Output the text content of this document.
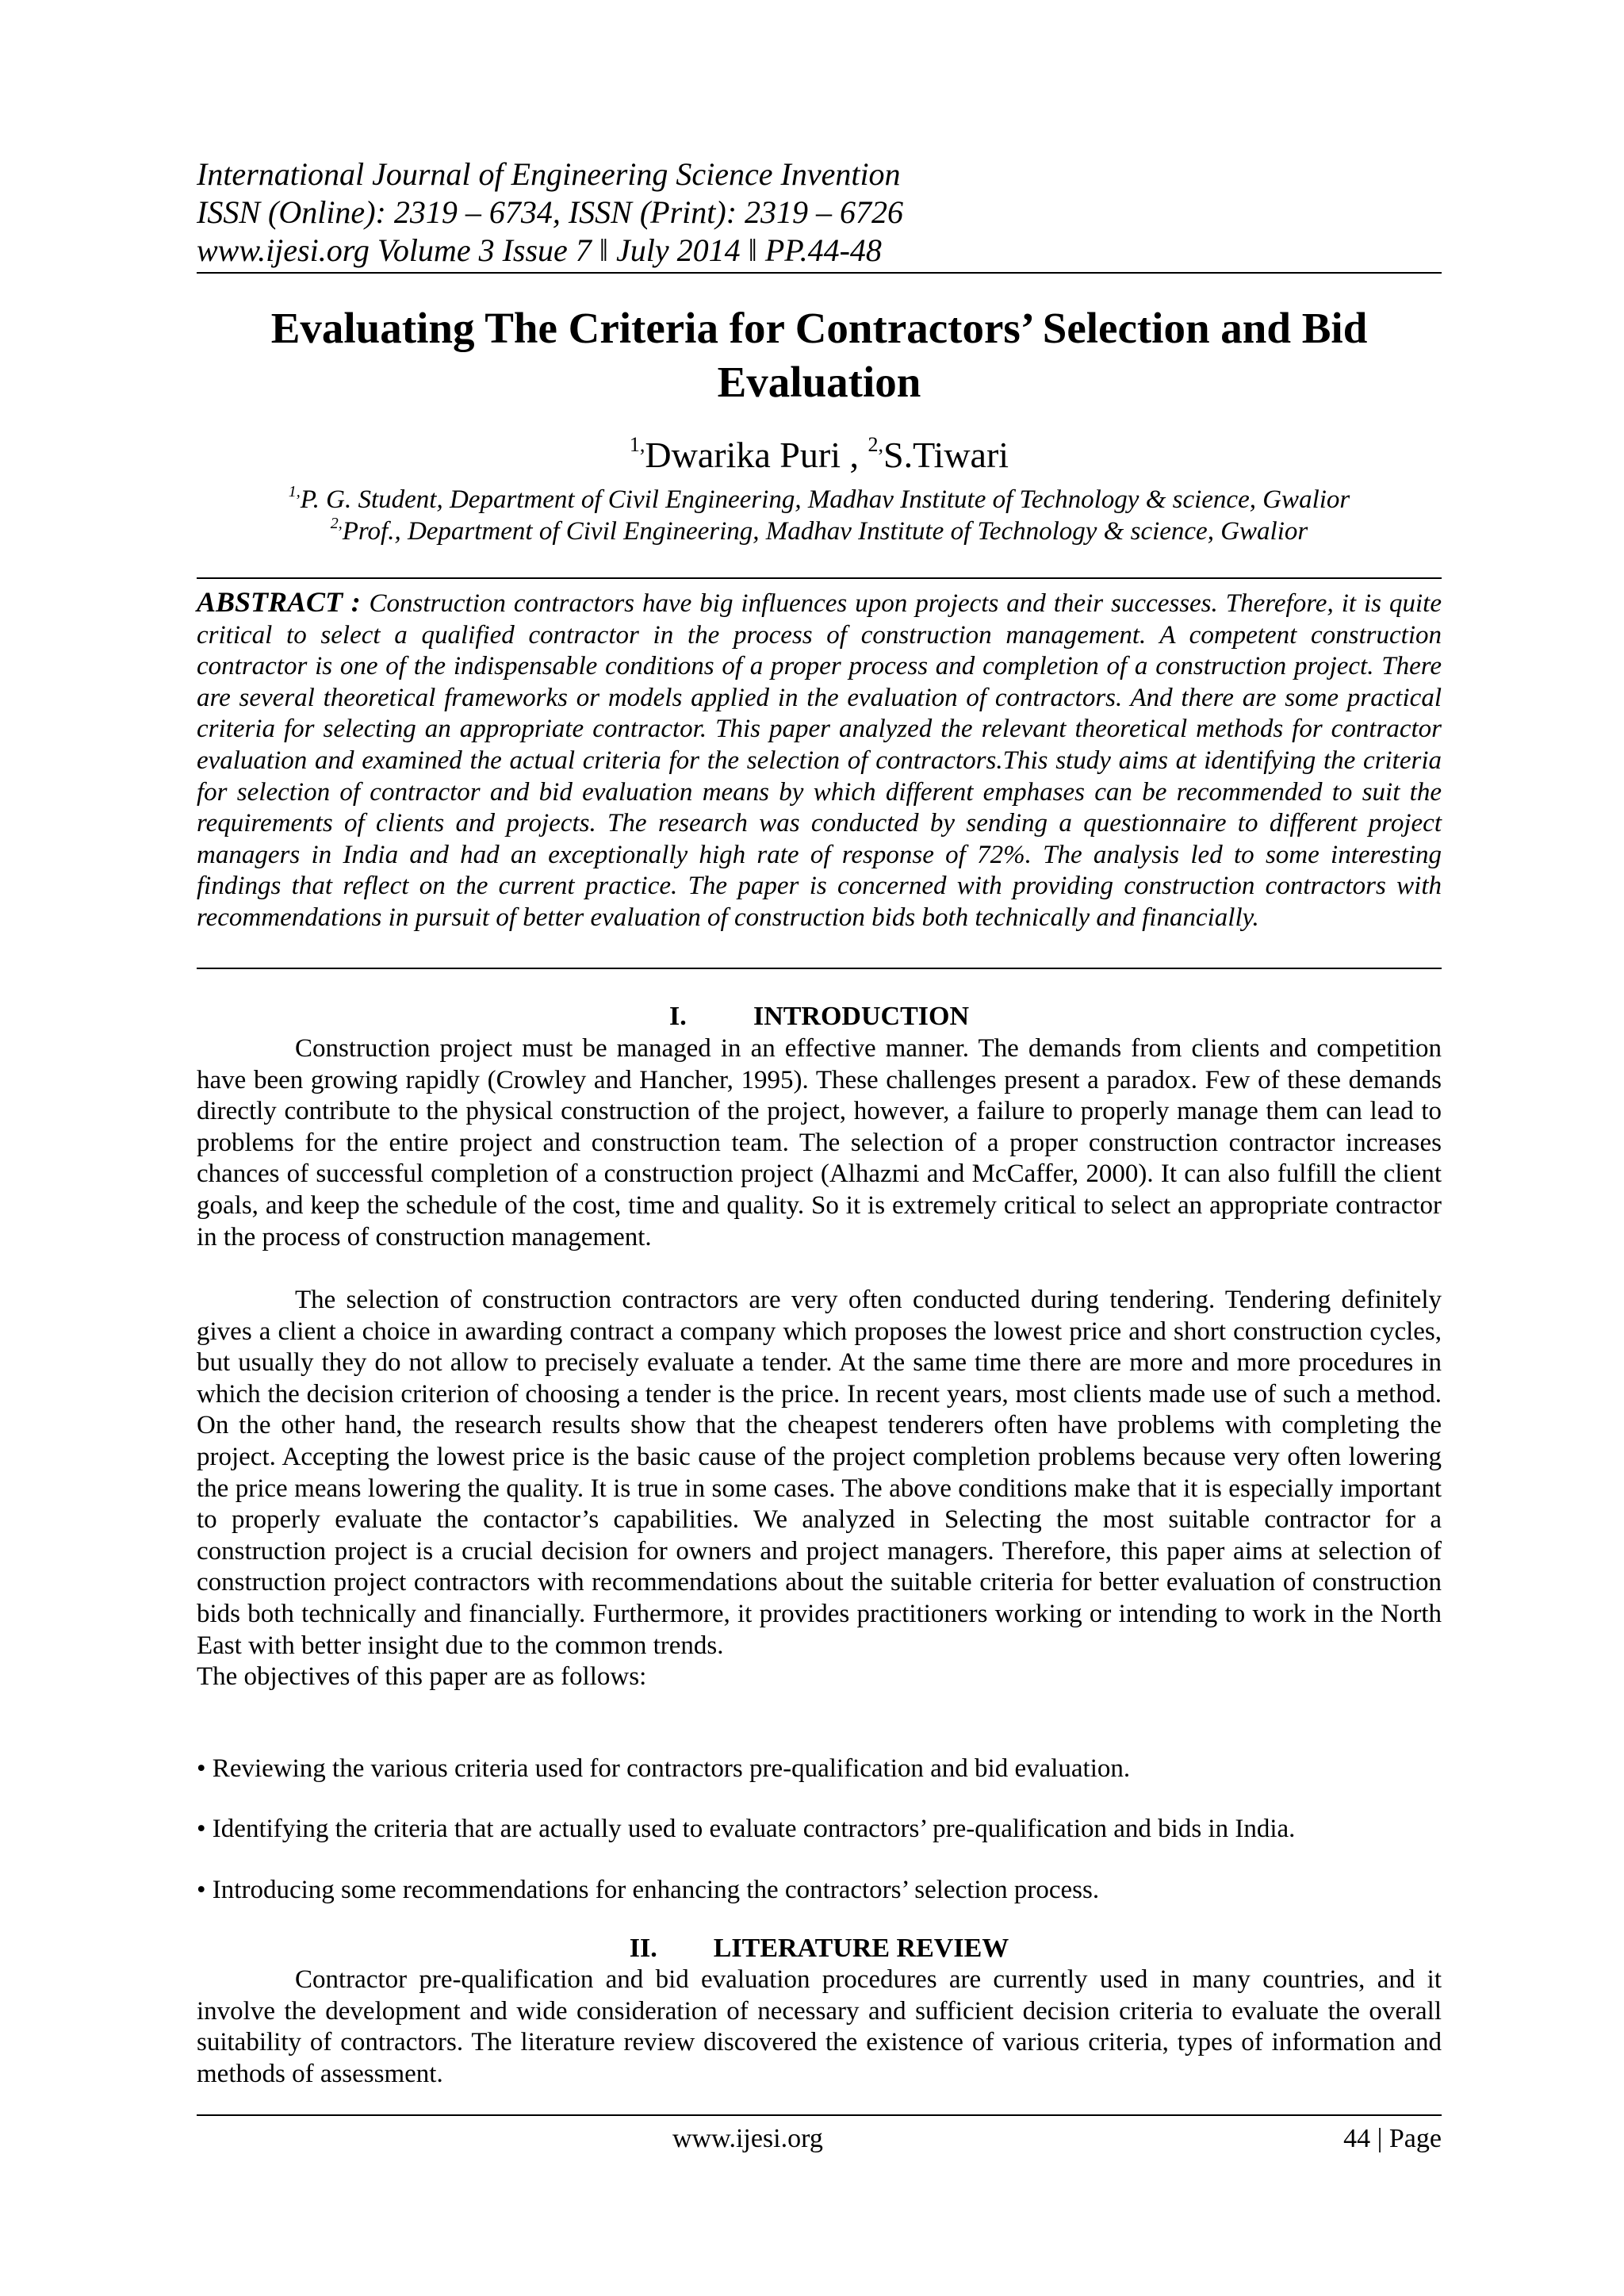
International Journal of Engineering Science Invention
ISSN (Online): 2319 – 6734, ISSN (Print): 2319 – 6726
www.ijesi.org Volume 3 Issue 7 ǁ July 2014 ǁ PP.44-48
Evaluating The Criteria for Contractors’ Selection and Bid
Evaluation
$^{1,}$Dwarika Puri , $^{2,}$S.Tiwari
$^{1,}$P. G. Student, Department of Civil Engineering, Madhav Institute of Technology & science, Gwalior
$^{2,}$Prof., Department of Civil Engineering, Madhav Institute of Technology & science, Gwalior
ABSTRACT : Construction contractors have big influences upon projects and their successes. Therefore, it is quite critical to select a qualified contractor in the process of construction management. A competent construction contractor is one of the indispensable conditions of a proper process and completion of a construction project. There are several theoretical frameworks or models applied in the evaluation of contractors. And there are some practical criteria for selecting an appropriate contractor. This paper analyzed the relevant theoretical methods for contractor evaluation and examined the actual criteria for the selection of contractors.This study aims at identifying the criteria for selection of contractor and bid evaluation means by which different emphases can be recommended to suit the requirements of clients and projects. The research was conducted by sending a questionnaire to different project managers in India and had an exceptionally high rate of response of 72%. The analysis led to some interesting findings that reflect on the current practice. The paper is concerned with providing construction contractors with recommendations in pursuit of better evaluation of construction bids both technically and financially.
I. INTRODUCTION

Construction project must be managed in an effective manner. The demands from clients and competition have been growing rapidly (Crowley and Hancher, 1995). These challenges present a paradox. Few of these demands directly contribute to the physical construction of the project, however, a failure to properly manage them can lead to problems for the entire project and construction team. The selection of a proper construction contractor increases chances of successful completion of a construction project (Alhazmi and McCaffer, 2000). It can also fulfill the client goals, and keep the schedule of the cost, time and quality. So it is extremely critical to select an appropriate contractor in the process of construction management.

The selection of construction contractors are very often conducted during tendering. Tendering definitely gives a client a choice in awarding contract a company which proposes the lowest price and short construction cycles, but usually they do not allow to precisely evaluate a tender. At the same time there are more and more procedures in which the decision criterion of choosing a tender is the price. In recent years, most clients made use of such a method. On the other hand, the research results show that the cheapest tenderers often have problems with completing the project. Accepting the lowest price is the basic cause of the project completion problems because very often lowering the price means lowering the quality. It is true in some cases. The above conditions make that it is especially important to properly evaluate the contactor’s capabilities. We analyzed in Selecting the most suitable contractor for a construction project is a crucial decision for owners and project managers. Therefore, this paper aims at selection of construction project contractors with recommendations about the suitable criteria for better evaluation of construction bids both technically and financially. Furthermore, it provides practitioners working or intending to work in the North East with better insight due to the common trends.

The objectives of this paper are as follows:

• Reviewing the various criteria used for contractors pre-qualification and bid evaluation.
• Identifying the criteria that are actually used to evaluate contractors’ pre-qualification and bids in India.
• Introducing some recommendations for enhancing the contractors’ selection process.
II. LITERATURE REVIEW

Contractor pre-qualification and bid evaluation procedures are currently used in many countries, and it involve the development and wide consideration of necessary and sufficient decision criteria to evaluate the overall suitability of contractors. The literature review discovered the existence of various criteria, types of information and methods of assessment.

www.ijesi.org	44 | Page
